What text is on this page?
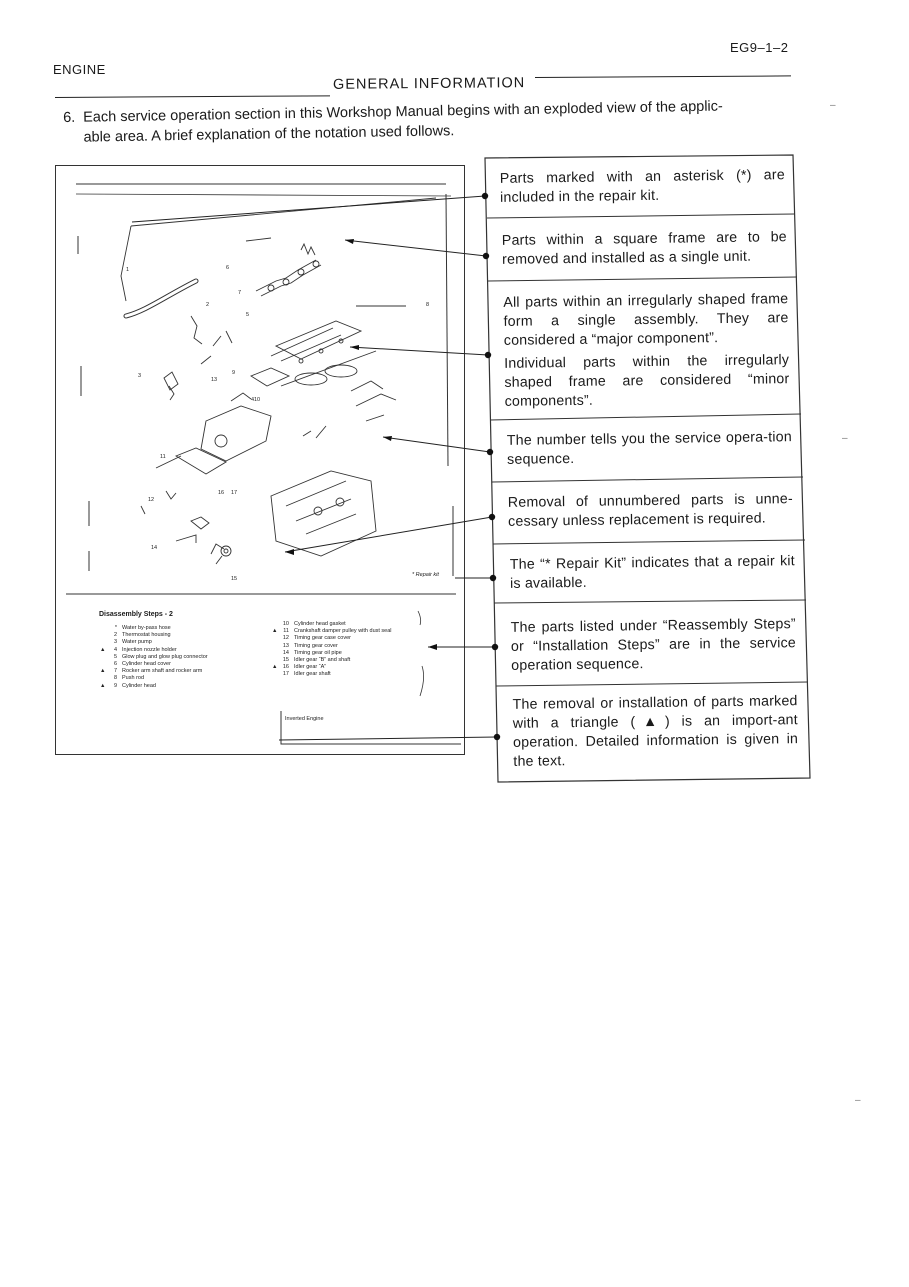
ENGINE
EG9–1–2
GENERAL INFORMATION
6. Each service operation section in this Workshop Manual begins with an exploded view of the applic-
able area. A brief explanation of the notation used follows.
1
2
3
4
5
6
7
8
9
10
11
12
13
14
15
16 17
* Repair kit
Disassembly Steps - 2
* Water by-pass hose
2 Thermostat housing
3 Water pump
▲ 4 Injection nozzle holder
5 Glow plug and glow plug connector
6 Cylinder head cover
▲ 7 Rocker arm shaft and rocker arm
8 Push rod
▲ 9 Cylinder head
10 Cylinder head gasket
▲ 11 Crankshaft damper pulley with dust seal
12 Timing gear case cover
13 Timing gear cover
14 Timing gear oil pipe
15 Idler gear “B” and shaft
▲ 16 Idler gear “A”
17 Idler gear shaft
Inverted Engine
Parts marked with an asterisk (*) are included in the repair kit.
Parts within a square frame are to be removed and installed as a single unit.
All parts within an irregularly shaped frame form a single assembly. They are considered a “major component”.
Individual parts within the irregularly shaped frame are considered “minor components”.
The number tells you the service opera-tion sequence.
Removal of unnumbered parts is unne-cessary unless replacement is required.
The “* Repair Kit” indicates that a repair kit is available.
The parts listed under “Reassembly Steps” or “Installation Steps” are in the service operation sequence.
The removal or installation of parts marked with a triangle (▲) is an import-ant operation. Detailed information is given in the text.
–
–
–
